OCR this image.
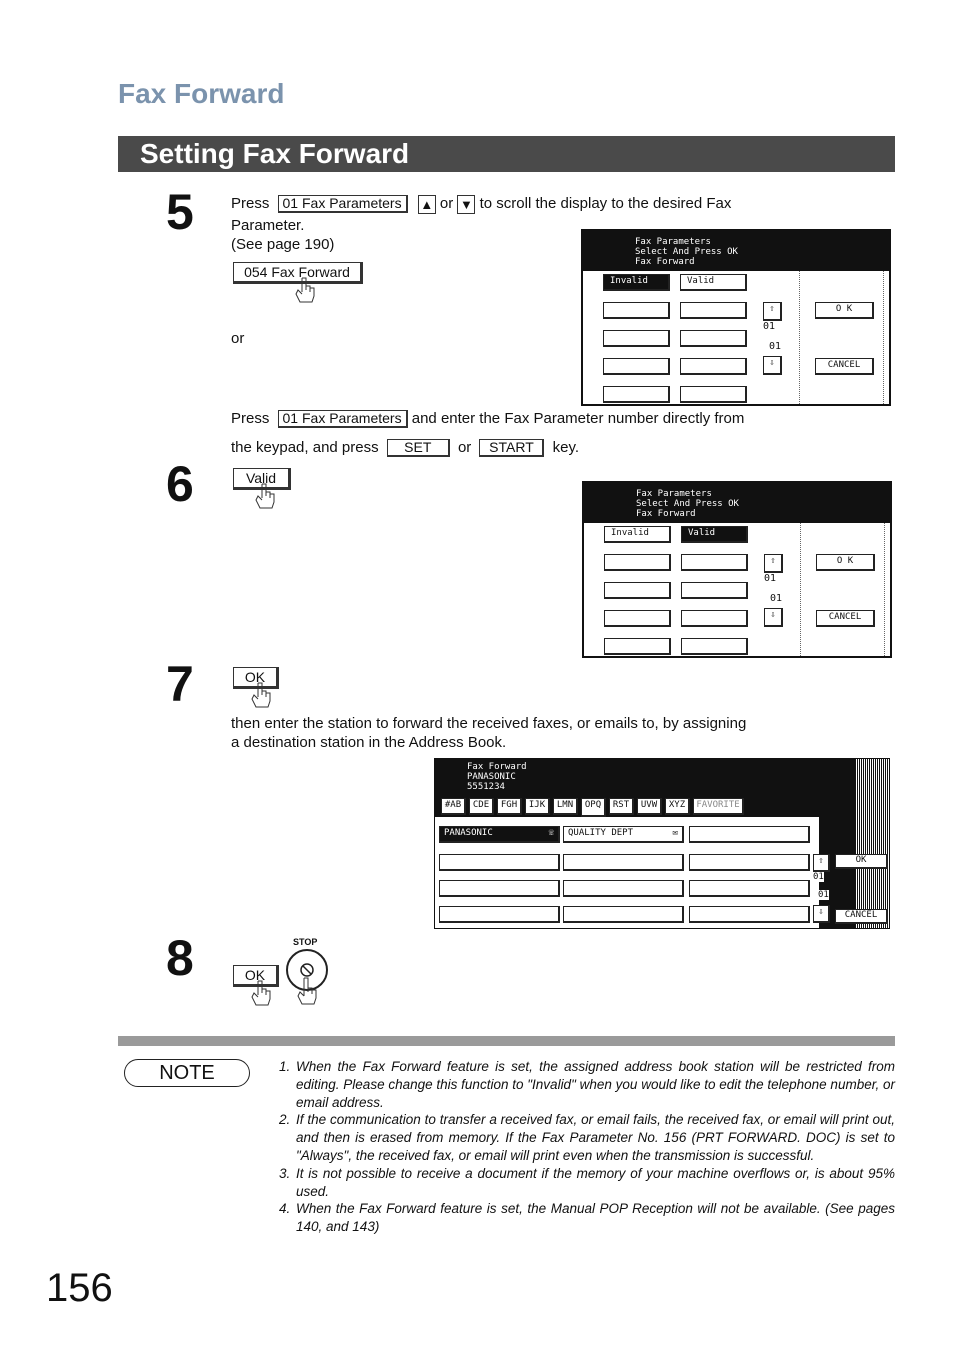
Fax Forward
Setting Fax Forward
5 Press 01 Fax Parameters ▲ or ▼ to scroll the display to the desired Fax
Parameter.
(See page 190)
054 Fax Forward
or
Fax Parameters
Select And Press OK
Fax Forward
Invalid	Valid
⇧
01
01
⇩
O K
CANCEL
Press 01 Fax Parameters and enter the Fax Parameter number directly from
the keypad, and press SET or START key.
6	Valid
Fax Parameters
Select And Press OK
Fax Forward
Invalid	Valid
⇧
01
01
⇩
O K
CANCEL
7	OK
then enter the station to forward the received faxes, or emails to, by assigning
a destination station in the Address Book.
Fax Forward
PANASONIC
5551234
#AB	CDE	FGH	IJK	LMN	OPQ	RST	UVW	XYZ	FAVORITE
PANASONIC	☏	QUALITY DEPT	✉
⇧
01
01
⇩
OK
CANCEL
8	OK
STOP
NOTE
1.	When the Fax Forward feature is set, the assigned address book station will be restricted from editing. Please change this function to "Invalid" when you would like to edit the telephone number, or email address.
2. If the communication to transfer a received fax, or email fails, the received fax, or email will print out, and then is erased from memory. If the Fax Parameter No. 156 (PRT FORWARD. DOC) is set to "Always", the received fax, or email will print even when the transmission is successful.
3. It is not possible to receive a document if the memory of your machine overflows or, is about 95% used.
4. When the Fax Forward feature is set, the Manual POP Reception will not be available. (See pages 140, and 143)
156
